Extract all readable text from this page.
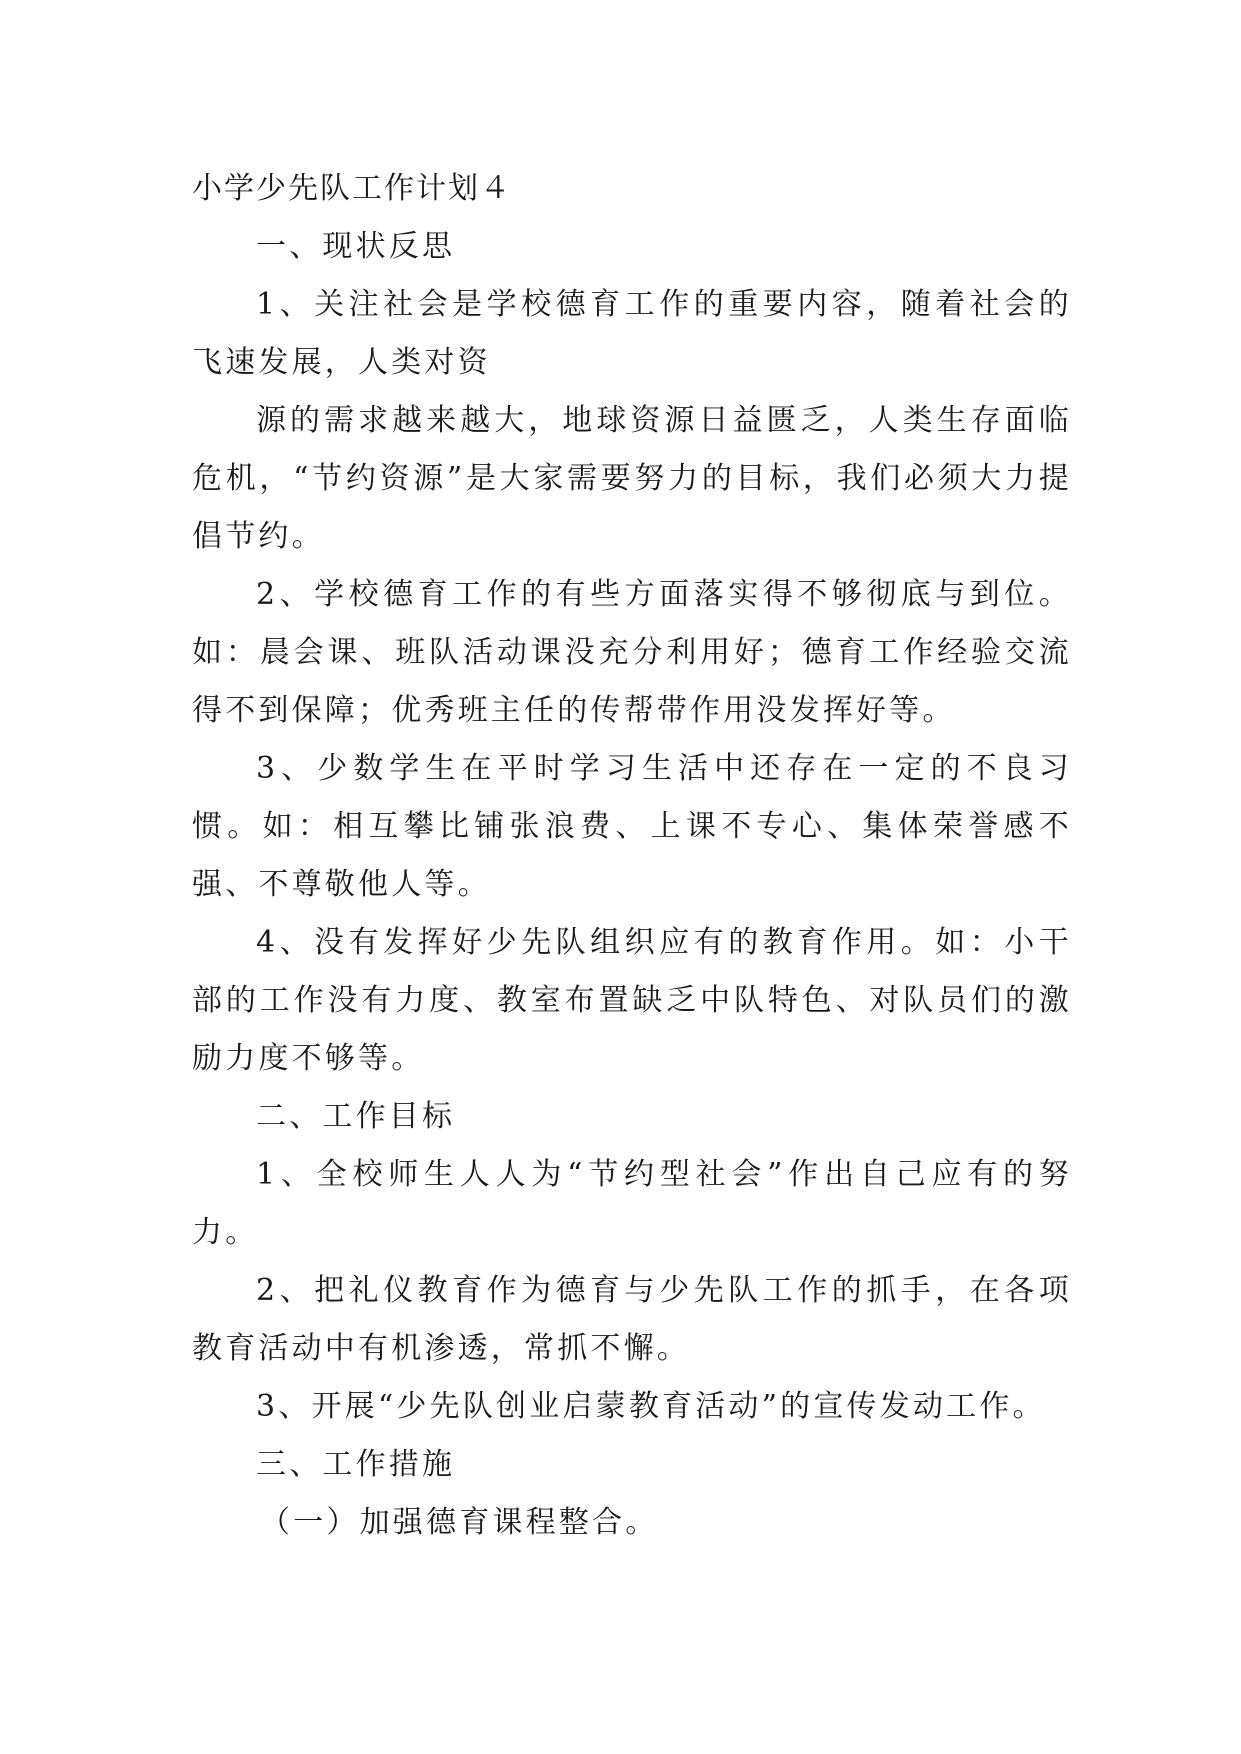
小学少先队工作计划４

一、现状反思

1、关注社会是学校德育工作的重要内容，随着社会的飞速发展，人类对资

源的需求越来越大，地球资源日益匮乏，人类生存面临危机，“节约资源”是大家需要努力的目标，我们必须大力提倡节约。

2、学校德育工作的有些方面落实得不够彻底与到位。如：晨会课、班队活动课没充分利用好；德育工作经验交流得不到保障；优秀班主任的传帮带作用没发挥好等。

3、少数学生在平时学习生活中还存在一定的不良习惯。如：相互攀比铺张浪费、上课不专心、集体荣誉感不强、不尊敬他人等。

4、没有发挥好少先队组织应有的教育作用。如：小干部的工作没有力度、教室布置缺乏中队特色、对队员们的激励力度不够等。

二、工作目标

1、全校师生人人为“节约型社会”作出自己应有的努力。

2、把礼仪教育作为德育与少先队工作的抓手，在各项教育活动中有机渗透，常抓不懈。

3、开展“少先队创业启蒙教育活动”的宣传发动工作。

三、工作措施

（一）加强德育课程整合。
